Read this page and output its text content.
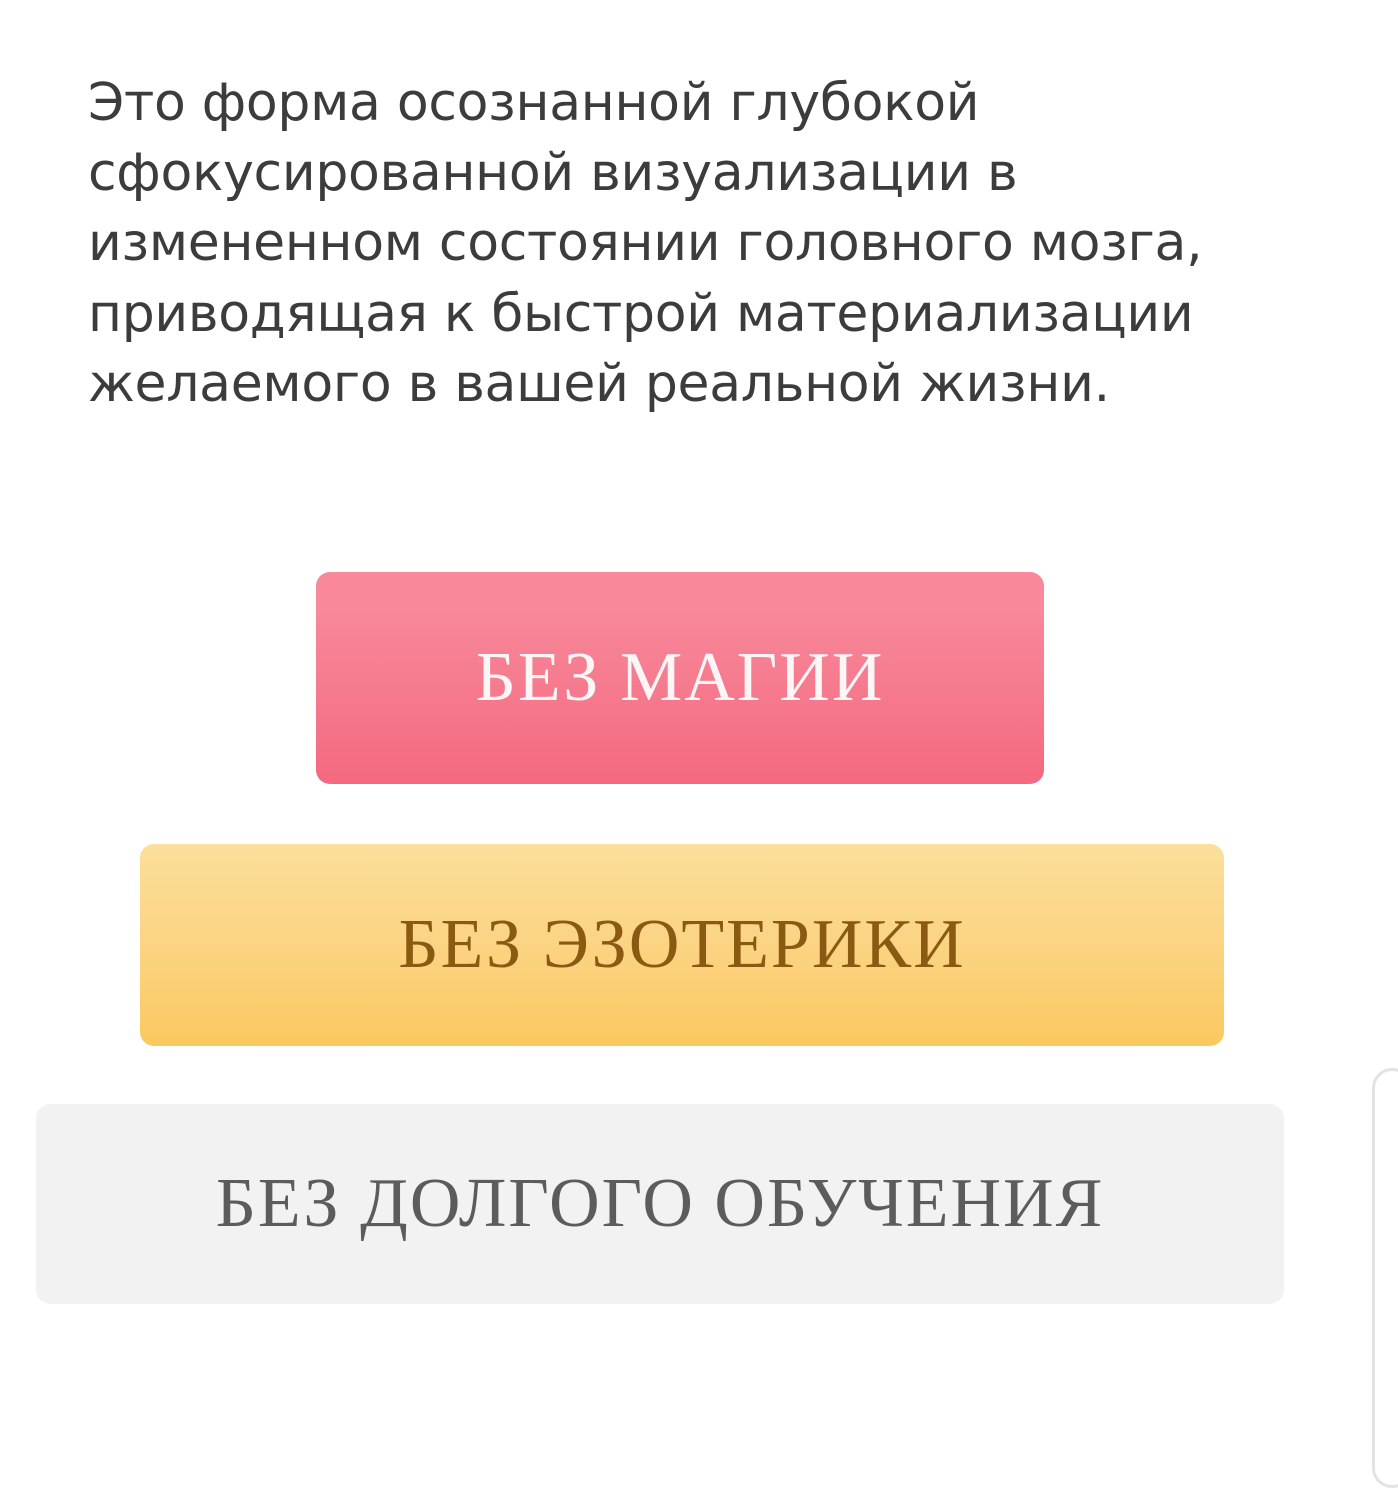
Это форма осознанной глубокой сфокусированной визуализации в измененном состоянии головного мозга, приводящая к быстрой материализации желаемого в вашей реальной жизни.

БЕЗ МАГИИ
БЕЗ ЭЗОТЕРИКИ
БЕЗ ДОЛГОГО ОБУЧЕНИЯ
